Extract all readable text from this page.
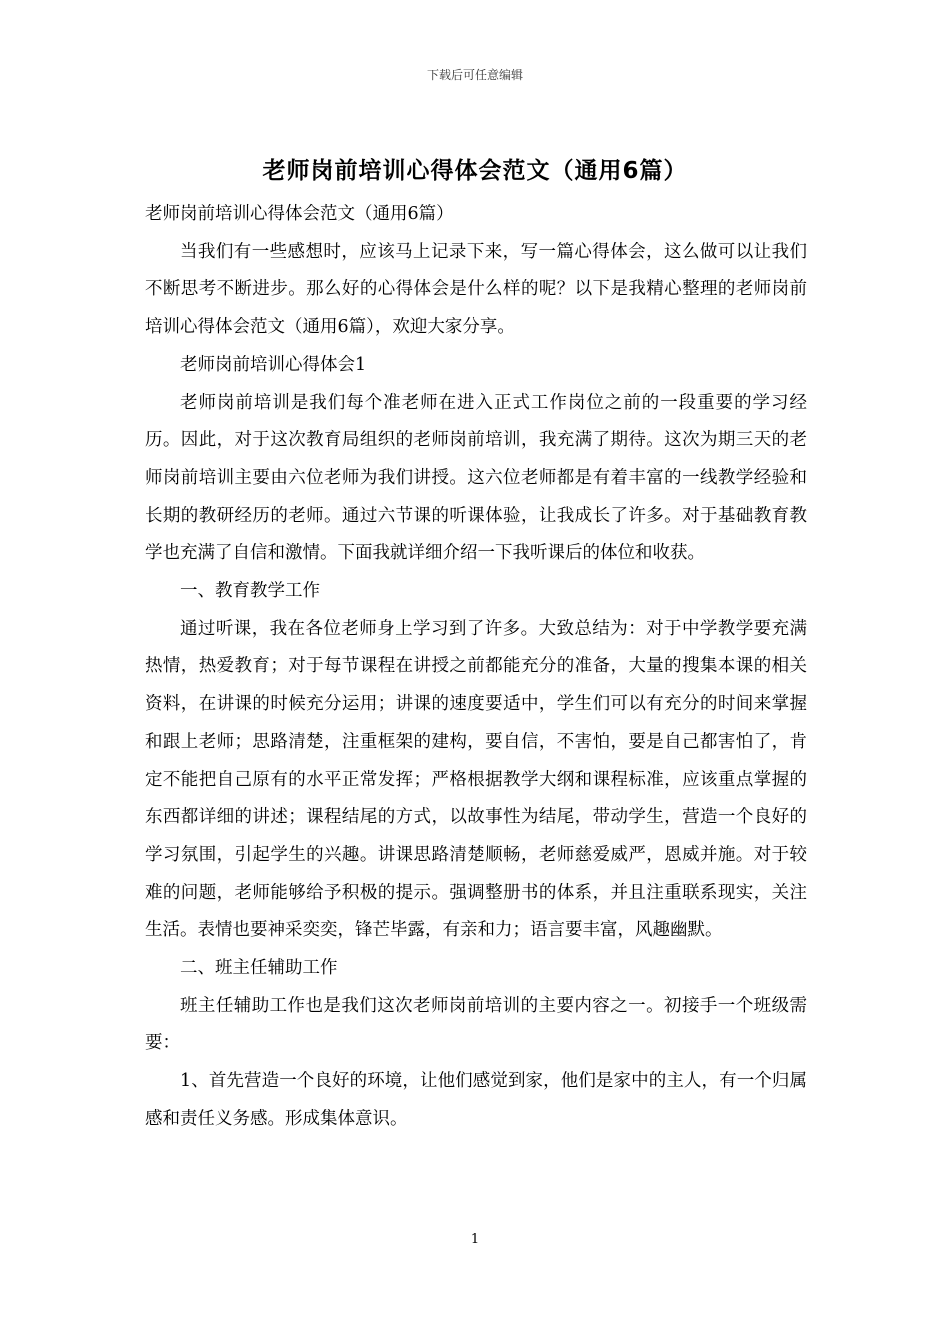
下载后可任意编辑
老师岗前培训心得体会范文（通用6篇）

老师岗前培训心得体会范文（通用6篇）

当我们有一些感想时，应该马上记录下来，写一篇心得体会，这么做可以让我们不断思考不断进步。那么好的心得体会是什么样的呢？以下是我精心整理的老师岗前培训心得体会范文（通用6篇），欢迎大家分享。

老师岗前培训心得体会1

老师岗前培训是我们每个准老师在进入正式工作岗位之前的一段重要的学习经历。因此，对于这次教育局组织的老师岗前培训，我充满了期待。这次为期三天的老师岗前培训主要由六位老师为我们讲授。这六位老师都是有着丰富的一线教学经验和长期的教研经历的老师。通过六节课的听课体验，让我成长了许多。对于基础教育教学也充满了自信和激情。下面我就详细介绍一下我听课后的体位和收获。

一、教育教学工作

通过听课，我在各位老师身上学习到了许多。大致总结为：对于中学教学要充满热情，热爱教育；对于每节课程在讲授之前都能充分的准备，大量的搜集本课的相关资料，在讲课的时候充分运用；讲课的速度要适中，学生们可以有充分的时间来掌握和跟上老师；思路清楚，注重框架的建构，要自信，不害怕，要是自己都害怕了，肯定不能把自己原有的水平正常发挥；严格根据教学大纲和课程标准，应该重点掌握的东西都详细的讲述；课程结尾的方式，以故事性为结尾，带动学生，营造一个良好的学习氛围，引起学生的兴趣。讲课思路清楚顺畅，老师慈爱威严，恩威并施。对于较难的问题，老师能够给予积极的提示。强调整册书的体系，并且注重联系现实，关注生活。表情也要神采奕奕，锋芒毕露，有亲和力；语言要丰富，风趣幽默。

二、班主任辅助工作

班主任辅助工作也是我们这次老师岗前培训的主要内容之一。初接手一个班级需要：

1、首先营造一个良好的环境，让他们感觉到家，他们是家中的主人，有一个归属感和责任义务感。形成集体意识。

1
